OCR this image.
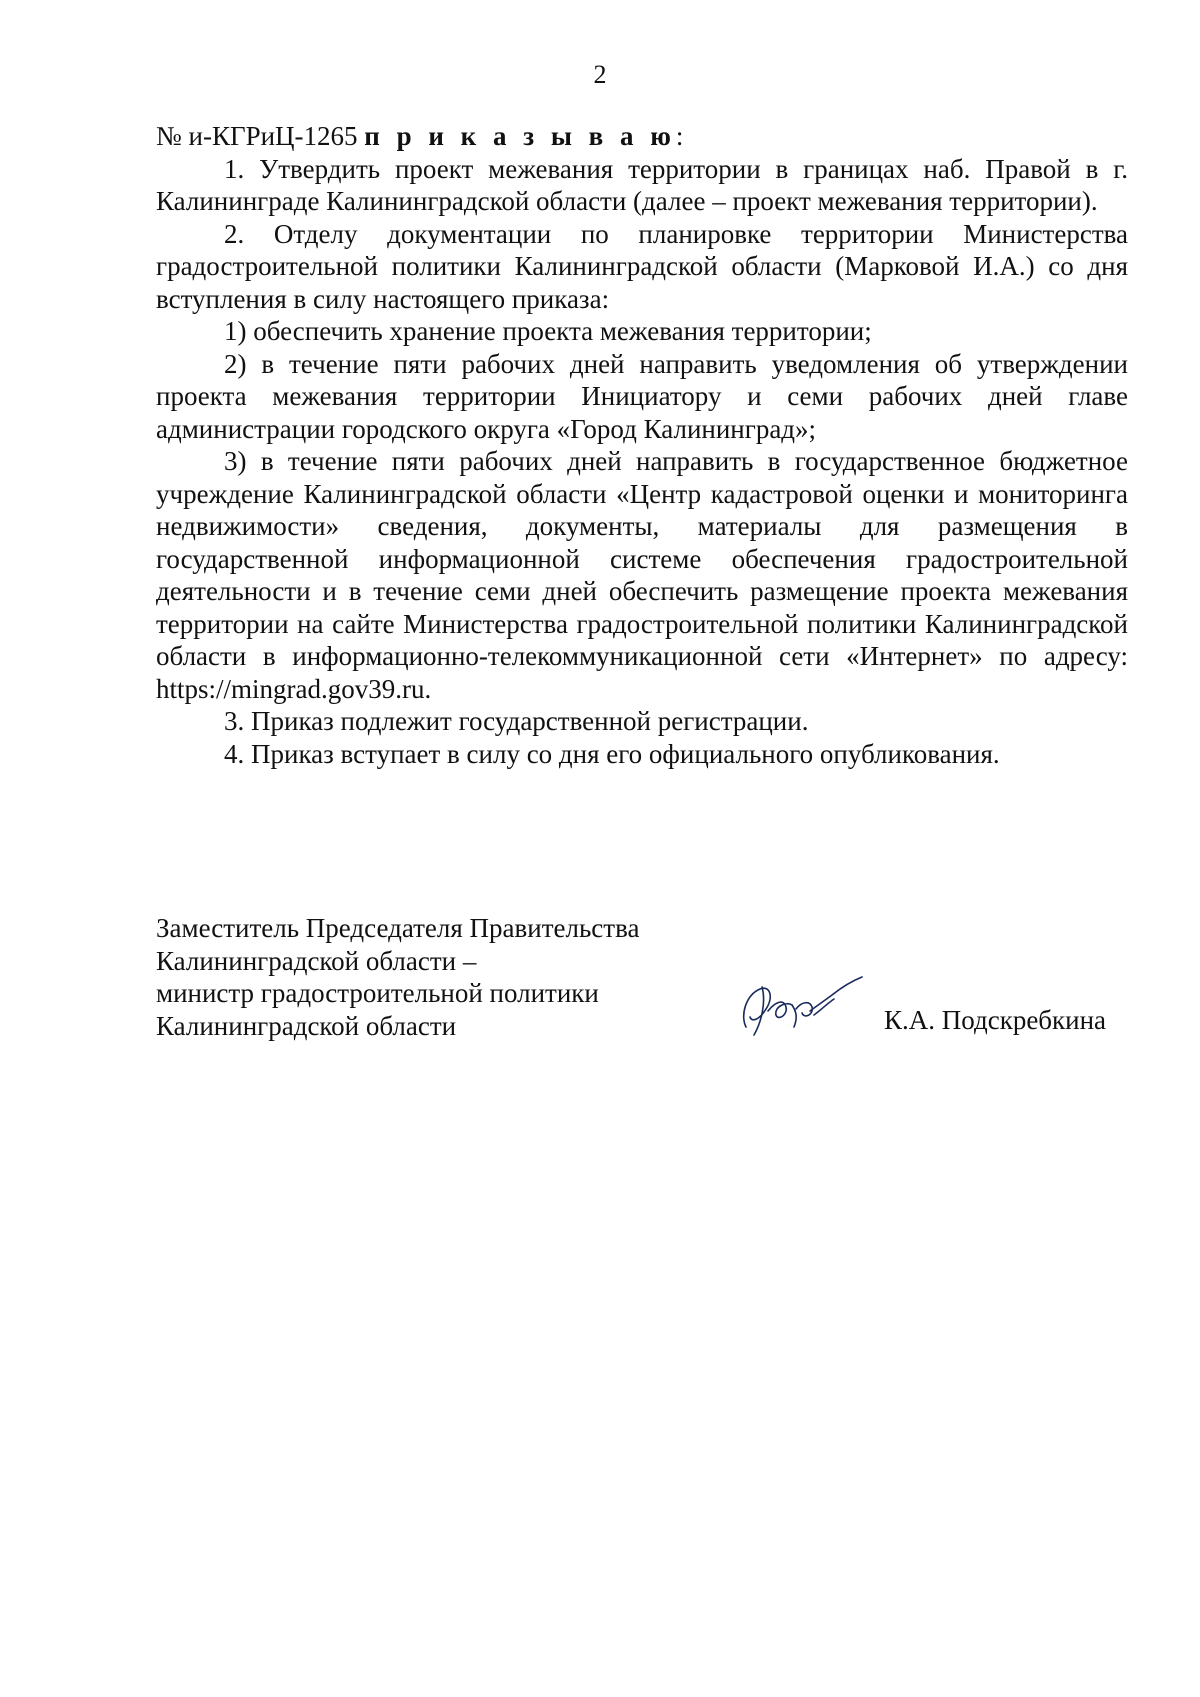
2

№ и-КГРиЦ-1265 п р и к а з ы в а ю:

1. Утвердить проект межевания территории в границах наб. Правой в г. Калининграде Калининградской области (далее – проект межевания территории).

2. Отделу документации по планировке территории Министерства градостроительной политики Калининградской области (Марковой И.А.) со дня вступления в силу настоящего приказа:

1) обеспечить хранение проекта межевания территории;

2) в течение пяти рабочих дней направить уведомления об утверждении проекта межевания территории Инициатору и семи рабочих дней главе администрации городского округа «Город Калининград»;

3) в течение пяти рабочих дней направить в государственное бюджетное учреждение Калининградской области «Центр кадастровой оценки и мониторинга недвижимости» сведения, документы, материалы для размещения в государственной информационной системе обеспечения градостроительной деятельности и в течение семи дней обеспечить размещение проекта межевания территории на сайте Министерства градостроительной политики Калининградской области в информационно-телекоммуникационной сети «Интернет» по адресу: https://mingrad.gov39.ru.

3. Приказ подлежит государственной регистрации.

4. Приказ вступает в силу со дня его официального опубликования.

Заместитель Председателя Правительства
Калининградской области –
министр градостроительной политики
Калининградской области	К.А. Подскребкина
